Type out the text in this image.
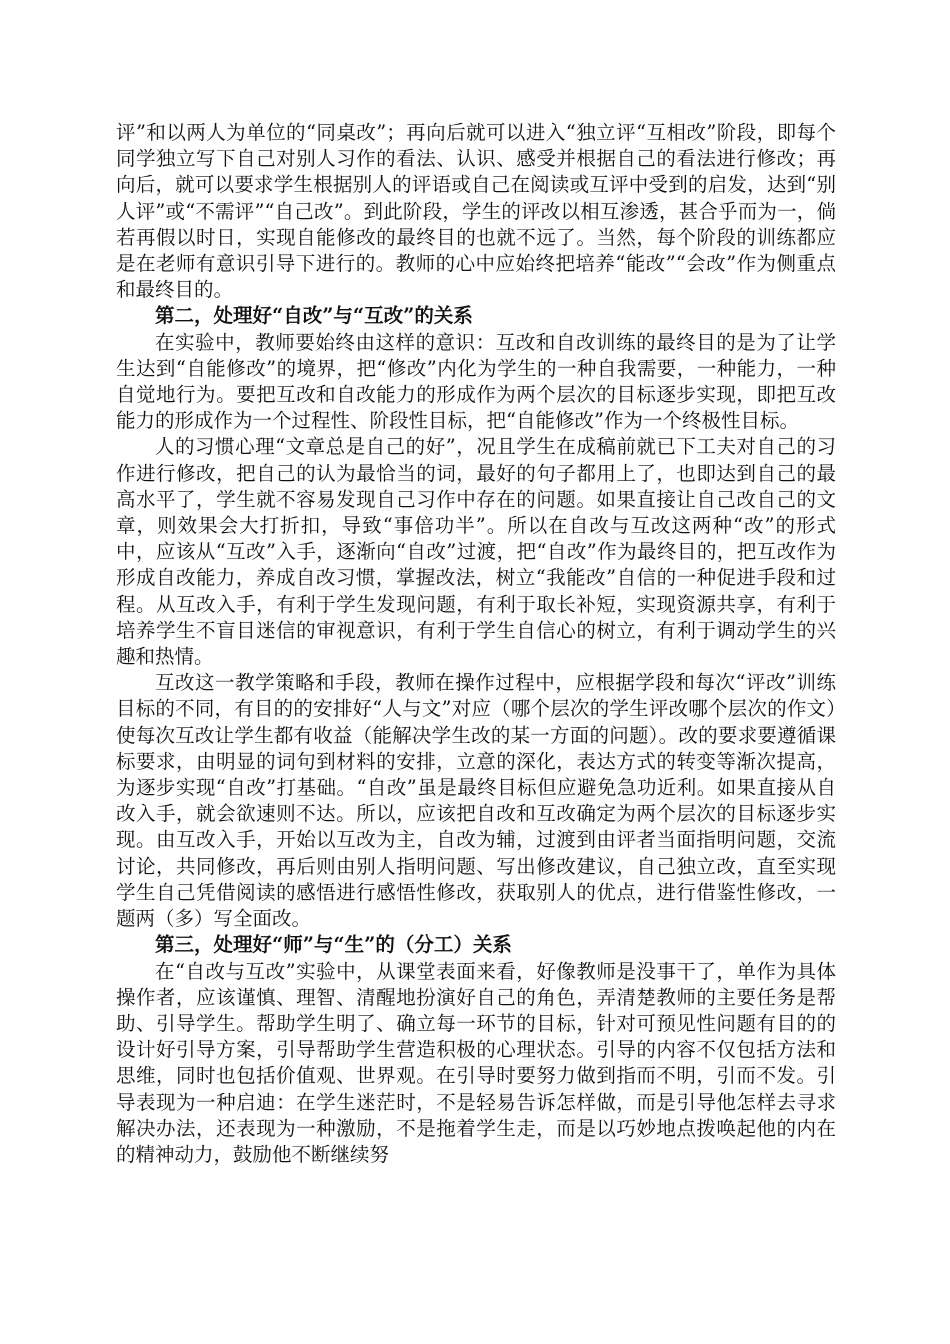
评”和以两人为单位的“同桌改”；再向后就可以进入“独立评“互相改”阶段，即每个同学独立写下自己对别人习作的看法、认识、感受并根据自己的看法进行修改；再向后，就可以要求学生根据别人的评语或自己在阅读或互评中受到的启发，达到“别人评”或“不需评”“自己改”。到此阶段，学生的评改以相互渗透，甚合乎而为一，倘若再假以时日，实现自能修改的最终目的也就不远了。当然，每个阶段的训练都应是在老师有意识引导下进行的。教师的心中应始终把培养“能改”“会改”作为侧重点和最终目的。

第二，处理好“自改”与“互改”的关系

在实验中，教师要始终由这样的意识：互改和自改训练的最终目的是为了让学生达到“自能修改”的境界，把“修改”内化为学生的一种自我需要，一种能力，一种自觉地行为。要把互改和自改能力的形成作为两个层次的目标逐步实现，即把互改能力的形成作为一个过程性、阶段性目标，把“自能修改”作为一个终极性目标。

人的习惯心理“文章总是自己的好”，况且学生在成稿前就已下工夫对自己的习作进行修改，把自己的认为最恰当的词，最好的句子都用上了，也即达到自己的最高水平了，学生就不容易发现自己习作中存在的问题。如果直接让自己改自己的文章，则效果会大打折扣，导致“事倍功半”。所以在自改与互改这两种“改”的形式中，应该从“互改”入手，逐渐向“自改”过渡，把“自改”作为最终目的，把互改作为形成自改能力，养成自改习惯，掌握改法，树立“我能改”自信的一种促进手段和过程。从互改入手，有利于学生发现问题，有利于取长补短，实现资源共享，有利于培养学生不盲目迷信的审视意识，有利于学生自信心的树立，有利于调动学生的兴趣和热情。

互改这一教学策略和手段，教师在操作过程中，应根据学段和每次“评改”训练目标的不同，有目的的安排好“人与文”对应（哪个层次的学生评改哪个层次的作文）使每次互改让学生都有收益（能解决学生改的某一方面的问题）。改的要求要遵循课标要求，由明显的词句到材料的安排，立意的深化，表达方式的转变等渐次提高，为逐步实现“自改”打基础。“自改”虽是最终目标但应避免急功近利。如果直接从自改入手，就会欲速则不达。所以，应该把自改和互改确定为两个层次的目标逐步实现。由互改入手，开始以互改为主，自改为辅，过渡到由评者当面指明问题，交流讨论，共同修改，再后则由别人指明问题、写出修改建议，自己独立改，直至实现学生自己凭借阅读的感悟进行感悟性修改，获取别人的优点，进行借鉴性修改，一题两（多）写全面改。

第三，处理好“师”与“生”的（分工）关系

在“自改与互改”实验中，从课堂表面来看，好像教师是没事干了，单作为具体操作者，应该谨慎、理智、清醒地扮演好自己的角色，弄清楚教师的主要任务是帮助、引导学生。帮助学生明了、确立每一环节的目标，针对可预见性问题有目的的设计好引导方案，引导帮助学生营造积极的心理状态。引导的内容不仅包括方法和思维，同时也包括价值观、世界观。在引导时要努力做到指而不明，引而不发。引导表现为一种启迪：在学生迷茫时，不是轻易告诉怎样做，而是引导他怎样去寻求解决办法，还表现为一种激励，不是拖着学生走，而是以巧妙地点拨唤起他的内在的精神动力，鼓励他不断继续努
